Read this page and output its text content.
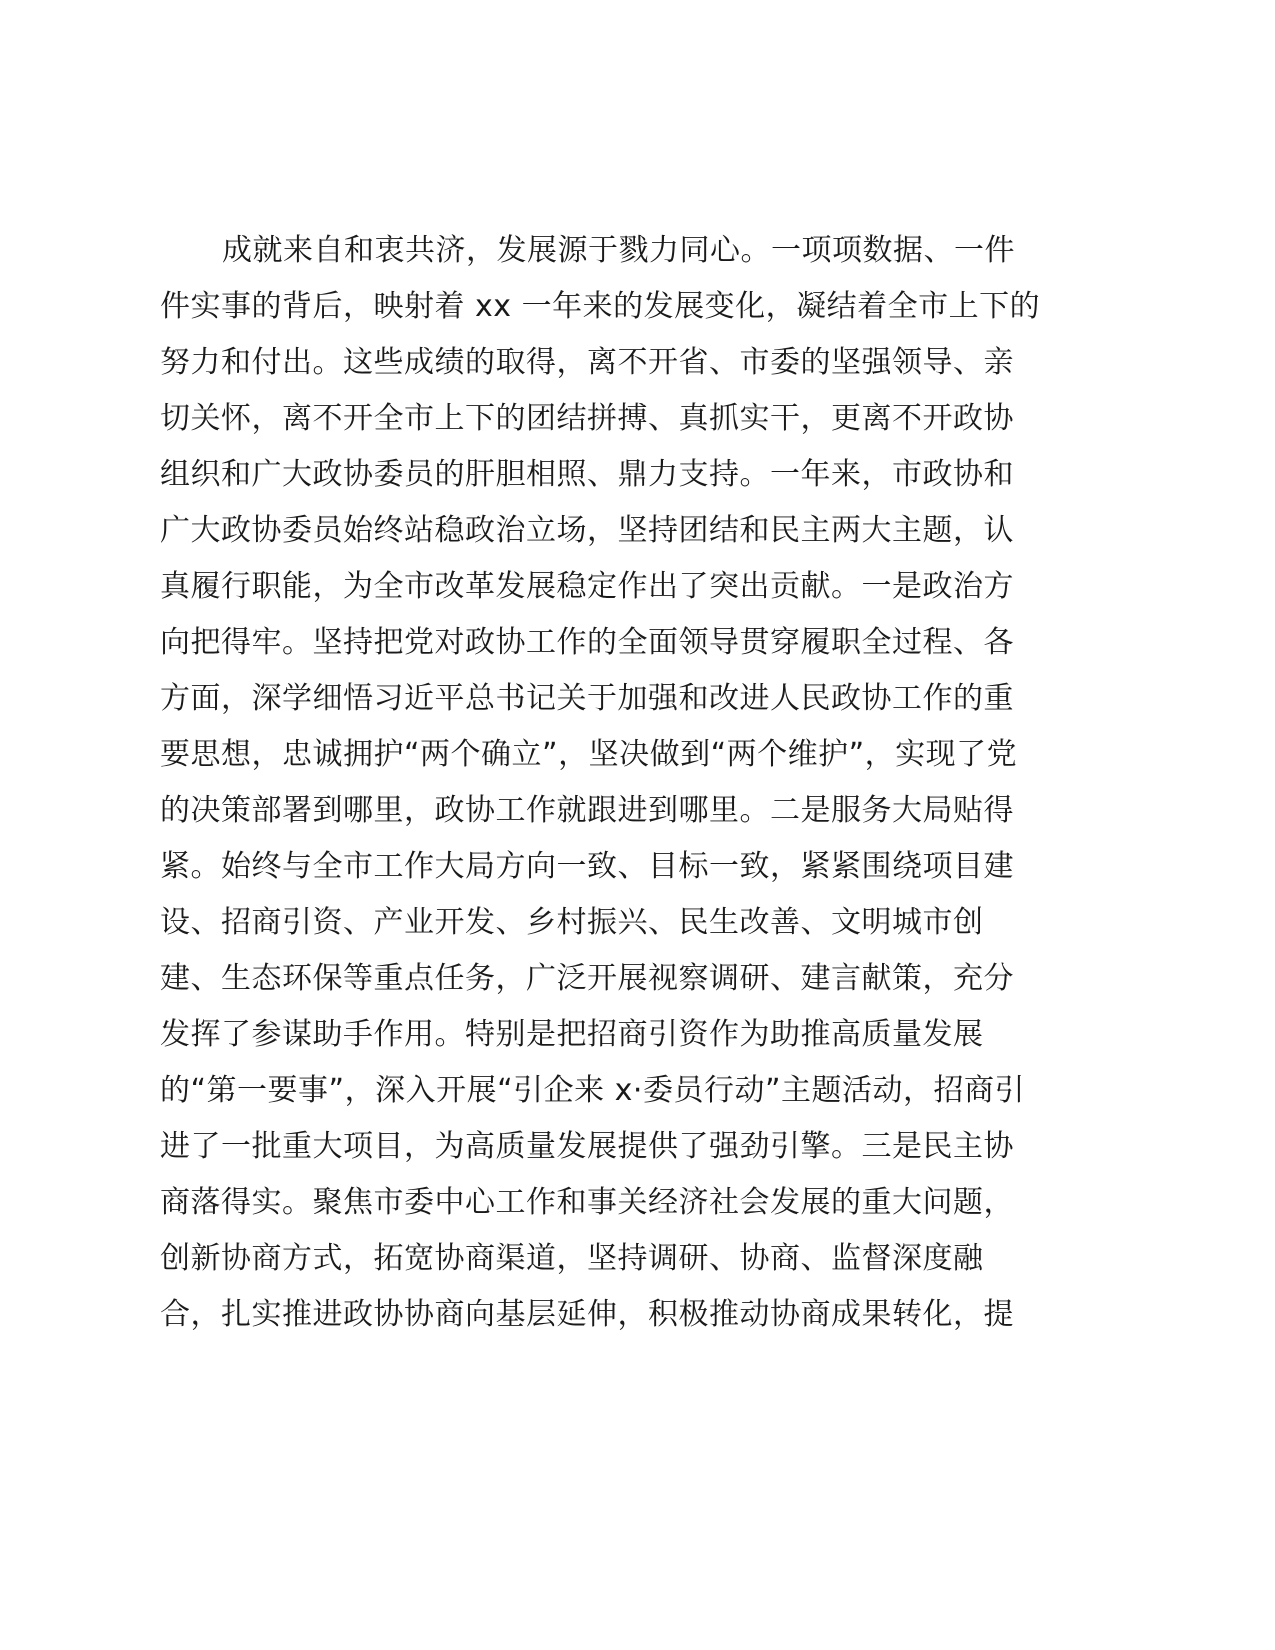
成就来自和衷共济，发展源于戮力同心。一项项数据、一件
件实事的背后，映射着 xx 一年来的发展变化，凝结着全市上下的
努力和付出。这些成绩的取得，离不开省、市委的坚强领导、亲
切关怀，离不开全市上下的团结拼搏、真抓实干，更离不开政协
组织和广大政协委员的肝胆相照、鼎力支持。一年来，市政协和
广大政协委员始终站稳政治立场，坚持团结和民主两大主题，认
真履行职能，为全市改革发展稳定作出了突出贡献。一是政治方
向把得牢。坚持把党对政协工作的全面领导贯穿履职全过程、各
方面，深学细悟习近平总书记关于加强和改进人民政协工作的重
要思想，忠诚拥护“两个确立”，坚决做到“两个维护”，实现了党
的决策部署到哪里，政协工作就跟进到哪里。二是服务大局贴得
紧。始终与全市工作大局方向一致、目标一致，紧紧围绕项目建
设、招商引资、产业开发、乡村振兴、民生改善、文明城市创
建、生态环保等重点任务，广泛开展视察调研、建言献策，充分
发挥了参谋助手作用。特别是把招商引资作为助推高质量发展
的“第一要事”，深入开展“引企来 x·委员行动”主题活动，招商引
进了一批重大项目，为高质量发展提供了强劲引擎。三是民主协
商落得实。聚焦市委中心工作和事关经济社会发展的重大问题，
创新协商方式，拓宽协商渠道，坚持调研、协商、监督深度融
合，扎实推进政协协商向基层延伸，积极推动协商成果转化，提
